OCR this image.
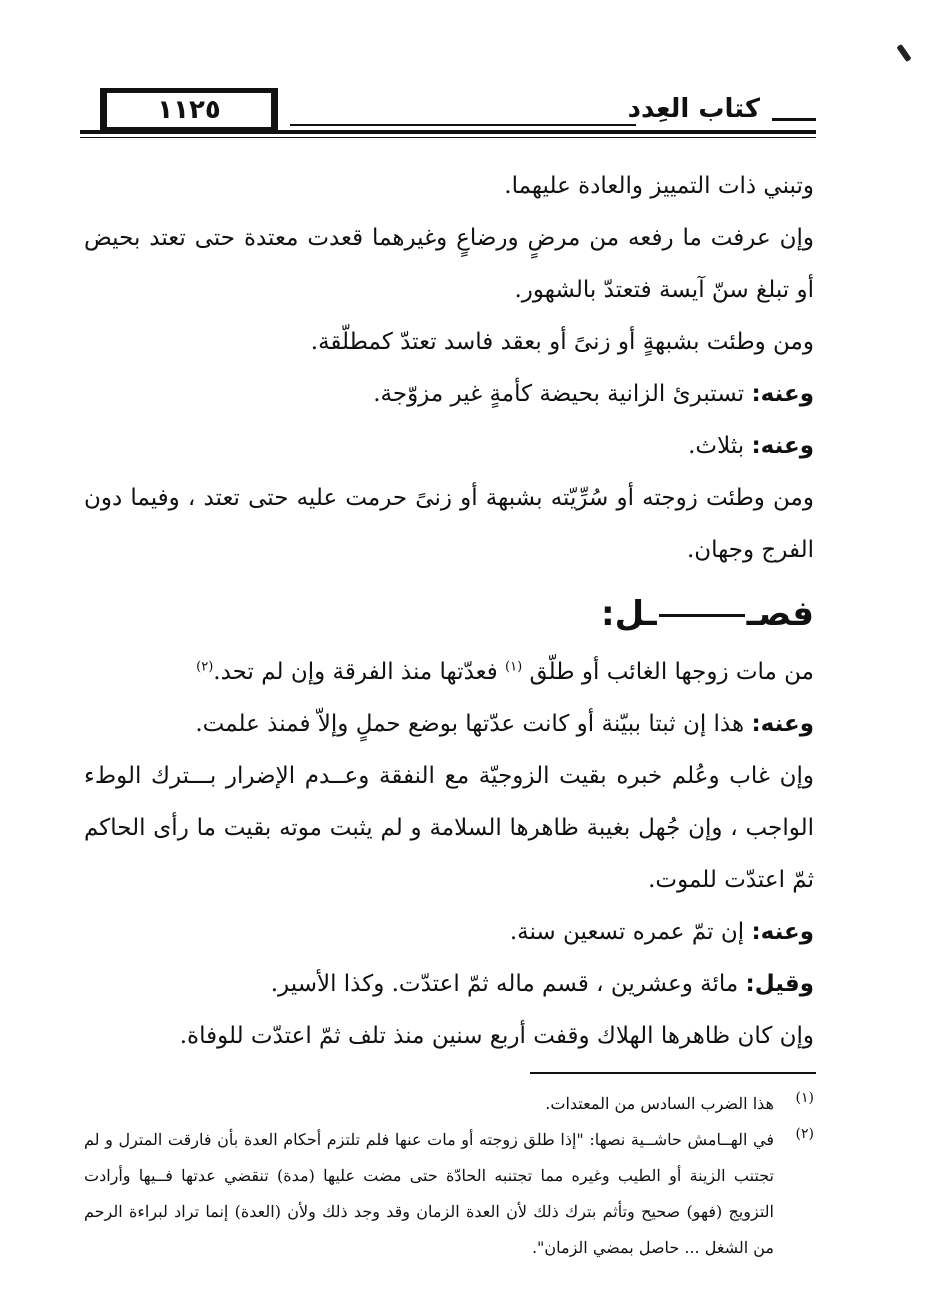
١١٢٥	كتاب العِدد

وتبني ذات التمييز والعادة عليهما.

وإن عرفت ما رفعه من مرضٍ ورضاعٍ وغيرهما قعدت معتدة حتى تعتد بحيض أو تبلغ سنّ آيسة فتعتدّ بالشهور.

ومن وطئت بشبهةٍ أو زنىً أو بعقد فاسد تعتدّ كمطلّقة.

وعنه: تستبرئ الزانية بحيضة كأمةٍ غير مزوّجة.

وعنه: بثلاث.

ومن وطئت زوجته أو سُرِّيّته بشبهة أو زنىً حرمت عليه حتى تعتد ، وفيما دون الفرج وجهان.

فصــل:

من مات زوجها الغائب أو طلّق $^{(١)}$ فعدّتها منذ الفرقة وإن لم تحد.$^{(٢)}$

وعنه: هذا إن ثبتا ببيّنة أو كانت عدّتها بوضع حملٍ وإلاّ فمنذ علمت.

وإن غاب وعُلم خبره بقيت الزوجيّة مع النفقة وعــدم الإضرار بـــترك الوطء الواجب ، وإن جُهل بغيبة ظاهرها السلامة و لم يثبت موته بقيت ما رأى الحاكم ثمّ اعتدّت للموت.

وعنه: إن تمّ عمره تسعين سنة.

وقيل: مائة وعشرين ، قسم ماله ثمّ اعتدّت. وكذا الأسير.

وإن كان ظاهرها الهلاك وقفت أربع سنين منذ تلف ثمّ اعتدّت للوفاة.

(١)
هذا الضرب السادس من المعتدات.
(٢)
في الهــامش حاشــية نصها: "إذا طلق زوجته أو مات عنها فلم تلتزم أحكام العدة بأن فارقت المترل و لم تجتنب الزينة أو الطيب وغيره مما تجتنبه الحادّة حتى مضت عليها (مدة) تنقضي عدتها فــيها وأرادت التزويج (فهو) صحيح وتأثم بترك ذلك لأن العدة الزمان وقد وجد ذلك ولأن (العدة) إنما تراد لبراءة الرحم من الشغل ... حاصل بمضي الزمان".
